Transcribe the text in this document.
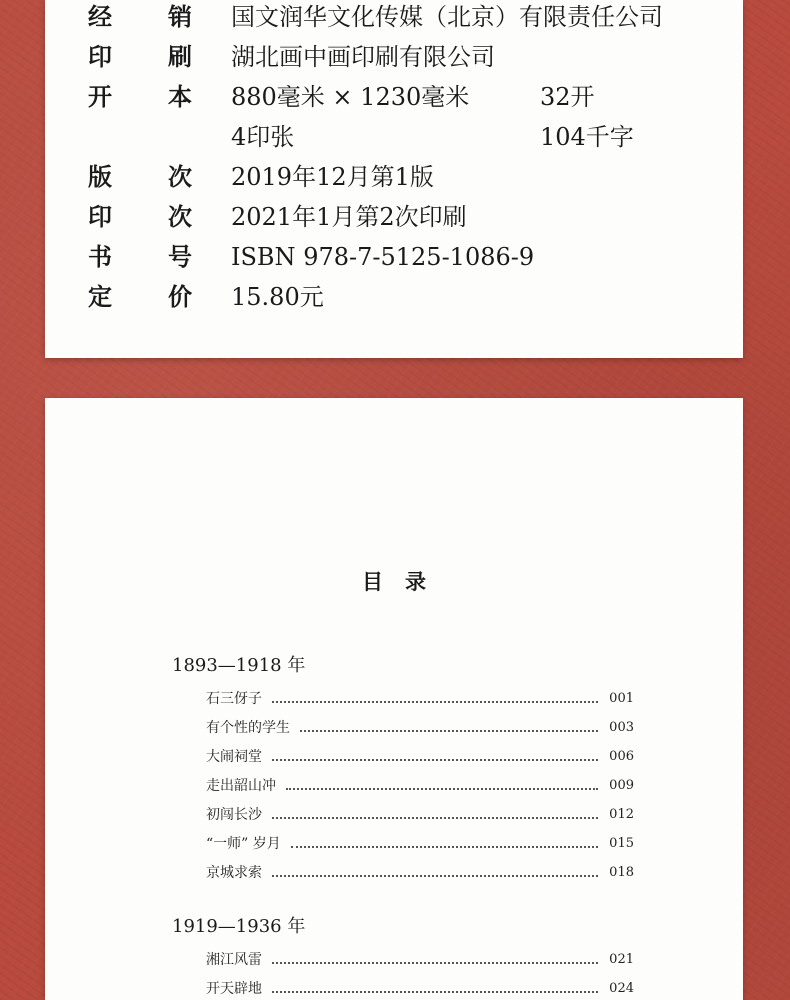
经 销 国文润华文化传媒（北京）有限责任公司
印 刷 湖北画中画印刷有限公司
开 本 880毫米 × 1230毫米	32开
4印张	104千字
版 次 2019年12月第1版
印 次 2021年1月第2次印刷
书 号 ISBN 978-7-5125-1086-9
定 价 15.80元
目录
1893—1918 年
石三伢子	001
有个性的学生	003
大闹祠堂	006
走出韶山冲	009
初闯长沙	012
“一师” 岁月	015
京城求索	018
1919—1936 年
湘江风雷	021
开天辟地	024
